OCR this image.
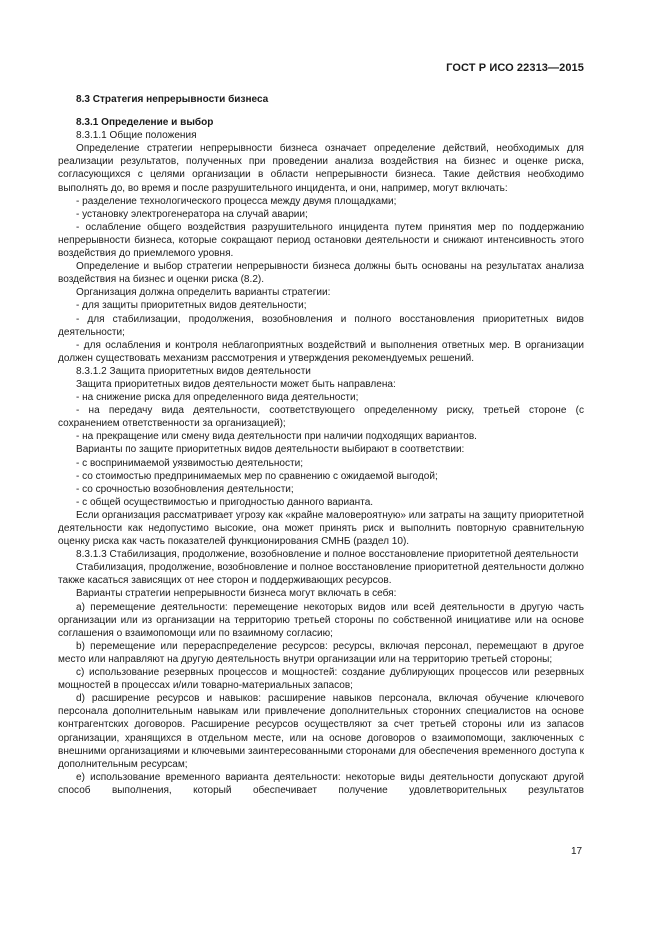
ГОСТ Р ИСО 22313—2015

8.3 Стратегия непрерывности бизнеса

8.3.1 Определение и выбор

8.3.1.1 Общие положения

Определение стратегии непрерывности бизнеса означает определение действий, необходимых для реализации результатов, полученных при проведении анализа воздействия на бизнес и оценке риска, согласующихся с целями организации в области непрерывности бизнеса. Такие действия необходимо выполнять до, во время и после разрушительного инцидента, и они, например, могут включать:

- разделение технологического процесса между двумя площадками;

- установку электрогенератора на случай аварии;

- ослабление общего воздействия разрушительного инцидента путем принятия мер по поддержанию непрерывности бизнеса, которые сокращают период остановки деятельности и снижают интенсивность этого воздействия до приемлемого уровня.

Определение и выбор стратегии непрерывности бизнеса должны быть основаны на результатах анализа воздействия на бизнес и оценки риска (8.2).

Организация должна определить варианты стратегии:

- для защиты приоритетных видов деятельности;

- для стабилизации, продолжения, возобновления и полного восстановления приоритетных видов деятельности;

- для ослабления и контроля неблагоприятных воздействий и выполнения ответных мер. В организации должен существовать механизм рассмотрения и утверждения рекомендуемых решений.

8.3.1.2 Защита приоритетных видов деятельности

Защита приоритетных видов деятельности может быть направлена:

- на снижение риска для определенного вида деятельности;

- на передачу вида деятельности, соответствующего определенному риску, третьей стороне (с сохранением ответственности за организацией);

- на прекращение или смену вида деятельности при наличии подходящих вариантов.

Варианты по защите приоритетных видов деятельности выбирают в соответствии:

- с воспринимаемой уязвимостью деятельности;

- со стоимостью предпринимаемых мер по сравнению с ожидаемой выгодой;

- со срочностью возобновления деятельности;

- с общей осуществимостью и пригодностью данного варианта.

Если организация рассматривает угрозу как «крайне маловероятную» или затраты на защиту приоритетной деятельности как недопустимо высокие, она может принять риск и выполнить повторную сравнительную оценку риска как часть показателей функционирования СМНБ (раздел 10).

8.3.1.3 Стабилизация, продолжение, возобновление и полное восстановление приоритетной деятельности

Стабилизация, продолжение, возобновление и полное восстановление приоритетной деятельности должно также касаться зависящих от нее сторон и поддерживающих ресурсов.

Варианты стратегии непрерывности бизнеса могут включать в себя:

a) перемещение деятельности: перемещение некоторых видов или всей деятельности в другую часть организации или из организации на территорию третьей стороны по собственной инициативе или на основе соглашения о взаимопомощи или по взаимному согласию;

b) перемещение или перераспределение ресурсов: ресурсы, включая персонал, перемещают в другое место или направляют на другую деятельность внутри организации или на территорию третьей стороны;

c) использование резервных процессов и мощностей: создание дублирующих процессов или резервных мощностей в процессах и/или товарно-материальных запасов;

d) расширение ресурсов и навыков: расширение навыков персонала, включая обучение ключевого персонала дополнительным навыкам или привлечение дополнительных сторонних специалистов на основе контрагентских договоров. Расширение ресурсов осуществляют за счет третьей стороны или из запасов организации, хранящихся в отдельном месте, или на основе договоров о взаимопомощи, заключенных с внешними организациями и ключевыми заинтересованными сторонами для обеспечения временного доступа к дополнительным ресурсам;

e) использование временного варианта деятельности: некоторые виды деятельности допускают другой способ выполнения, который обеспечивает получение удовлетворительных результатов

17
